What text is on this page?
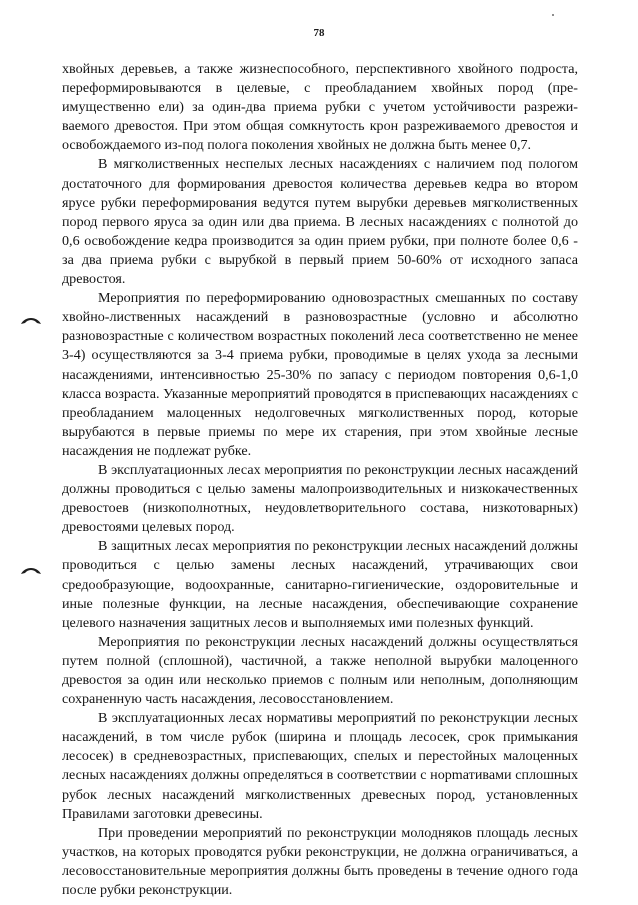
78

хвойных деревьев, а также жизнеспособного, перспективного хвойного подроста, переформировываются в целевые, с преобладанием хвойных пород (преимущественно ели) за один-два приема рубки с учетом устойчивости разреживаемого древостоя. При этом общая сомкнутость крон разреживаемого древостоя и освобождаемого из-под полога поколения хвойных не должна быть менее 0,7.

В мягколиственных неспелых лесных насаждениях с наличием под пологом достаточного для формирования древостоя количества деревьев кедра во втором ярусе рубки переформирования ведутся путем вырубки деревьев мягколиственных пород первого яруса за один или два приема. В лесных насаждениях с полнотой до 0,6 освобождение кедра производится за один прием рубки, при полноте более 0,6 - за два приема рубки с вырубкой в первый прием 50-60% от исходного запаса древостоя.

Мероприятия по переформированию одновозрастных смешанных по составу хвойно-лиственных насаждений в разновозрастные (условно и абсолютно разновозрастные с количеством возрастных поколений леса соответственно не менее 3-4) осуществляются за 3-4 приема рубки, проводимые в целях ухода за лесными насаждениями, интенсивностью 25-30% по запасу с периодом повторения 0,6-1,0 класса возраста. Указанные мероприятий проводятся в приспевающих насаждениях с преобладанием малоценных недолговечных мягколиственных пород, которые вырубаются в первые приемы по мере их старения, при этом хвойные лесные насаждения не подлежат рубке.

В эксплуатационных лесах мероприятия по реконструкции лесных насаждений должны проводиться с целью замены малопроизводительных и низкокачественных древостоев (низкополнотных, неудовлетворительного состава, низкотоварных) древостоями целевых пород.

В защитных лесах мероприятия по реконструкции лесных насаждений должны проводиться с целью замены лесных насаждений, утрачивающих свои средообразующие, водоохранные, санитарно-гигиенические, оздоровительные и иные полезные функции, на лесные насаждения, обеспечивающие сохранение целевого назначения защитных лесов и выполняемых ими полезных функций.

Мероприятия по реконструкции лесных насаждений должны осуществляться путем полной (сплошной), частичной, а также неполной вырубки малоценного древостоя за один или несколько приемов с полным или неполным, дополняющим сохраненную часть насаждения, лесовосстановлением.

В эксплуатационных лесах нормативы мероприятий по реконструкции лесных насаждений, в том числе рубок (ширина и площадь лесосек, срок примыкания лесосек) в средневозрастных, приспевающих, спелых и перестойных малоценных лесных насаждениях должны определяться в соответствии с норmативами сплошных рубок лесных насаждений мягколиственных древесных пород, установленных Правилами заготовки древесины.

При проведении мероприятий по реконструкции молодняков площадь лесных участков, на которых проводятся рубки реконструкции, не должна ограничиваться, а лесовосстановительные мероприятия должны быть проведены в течение одного года после рубки реконструкции.
